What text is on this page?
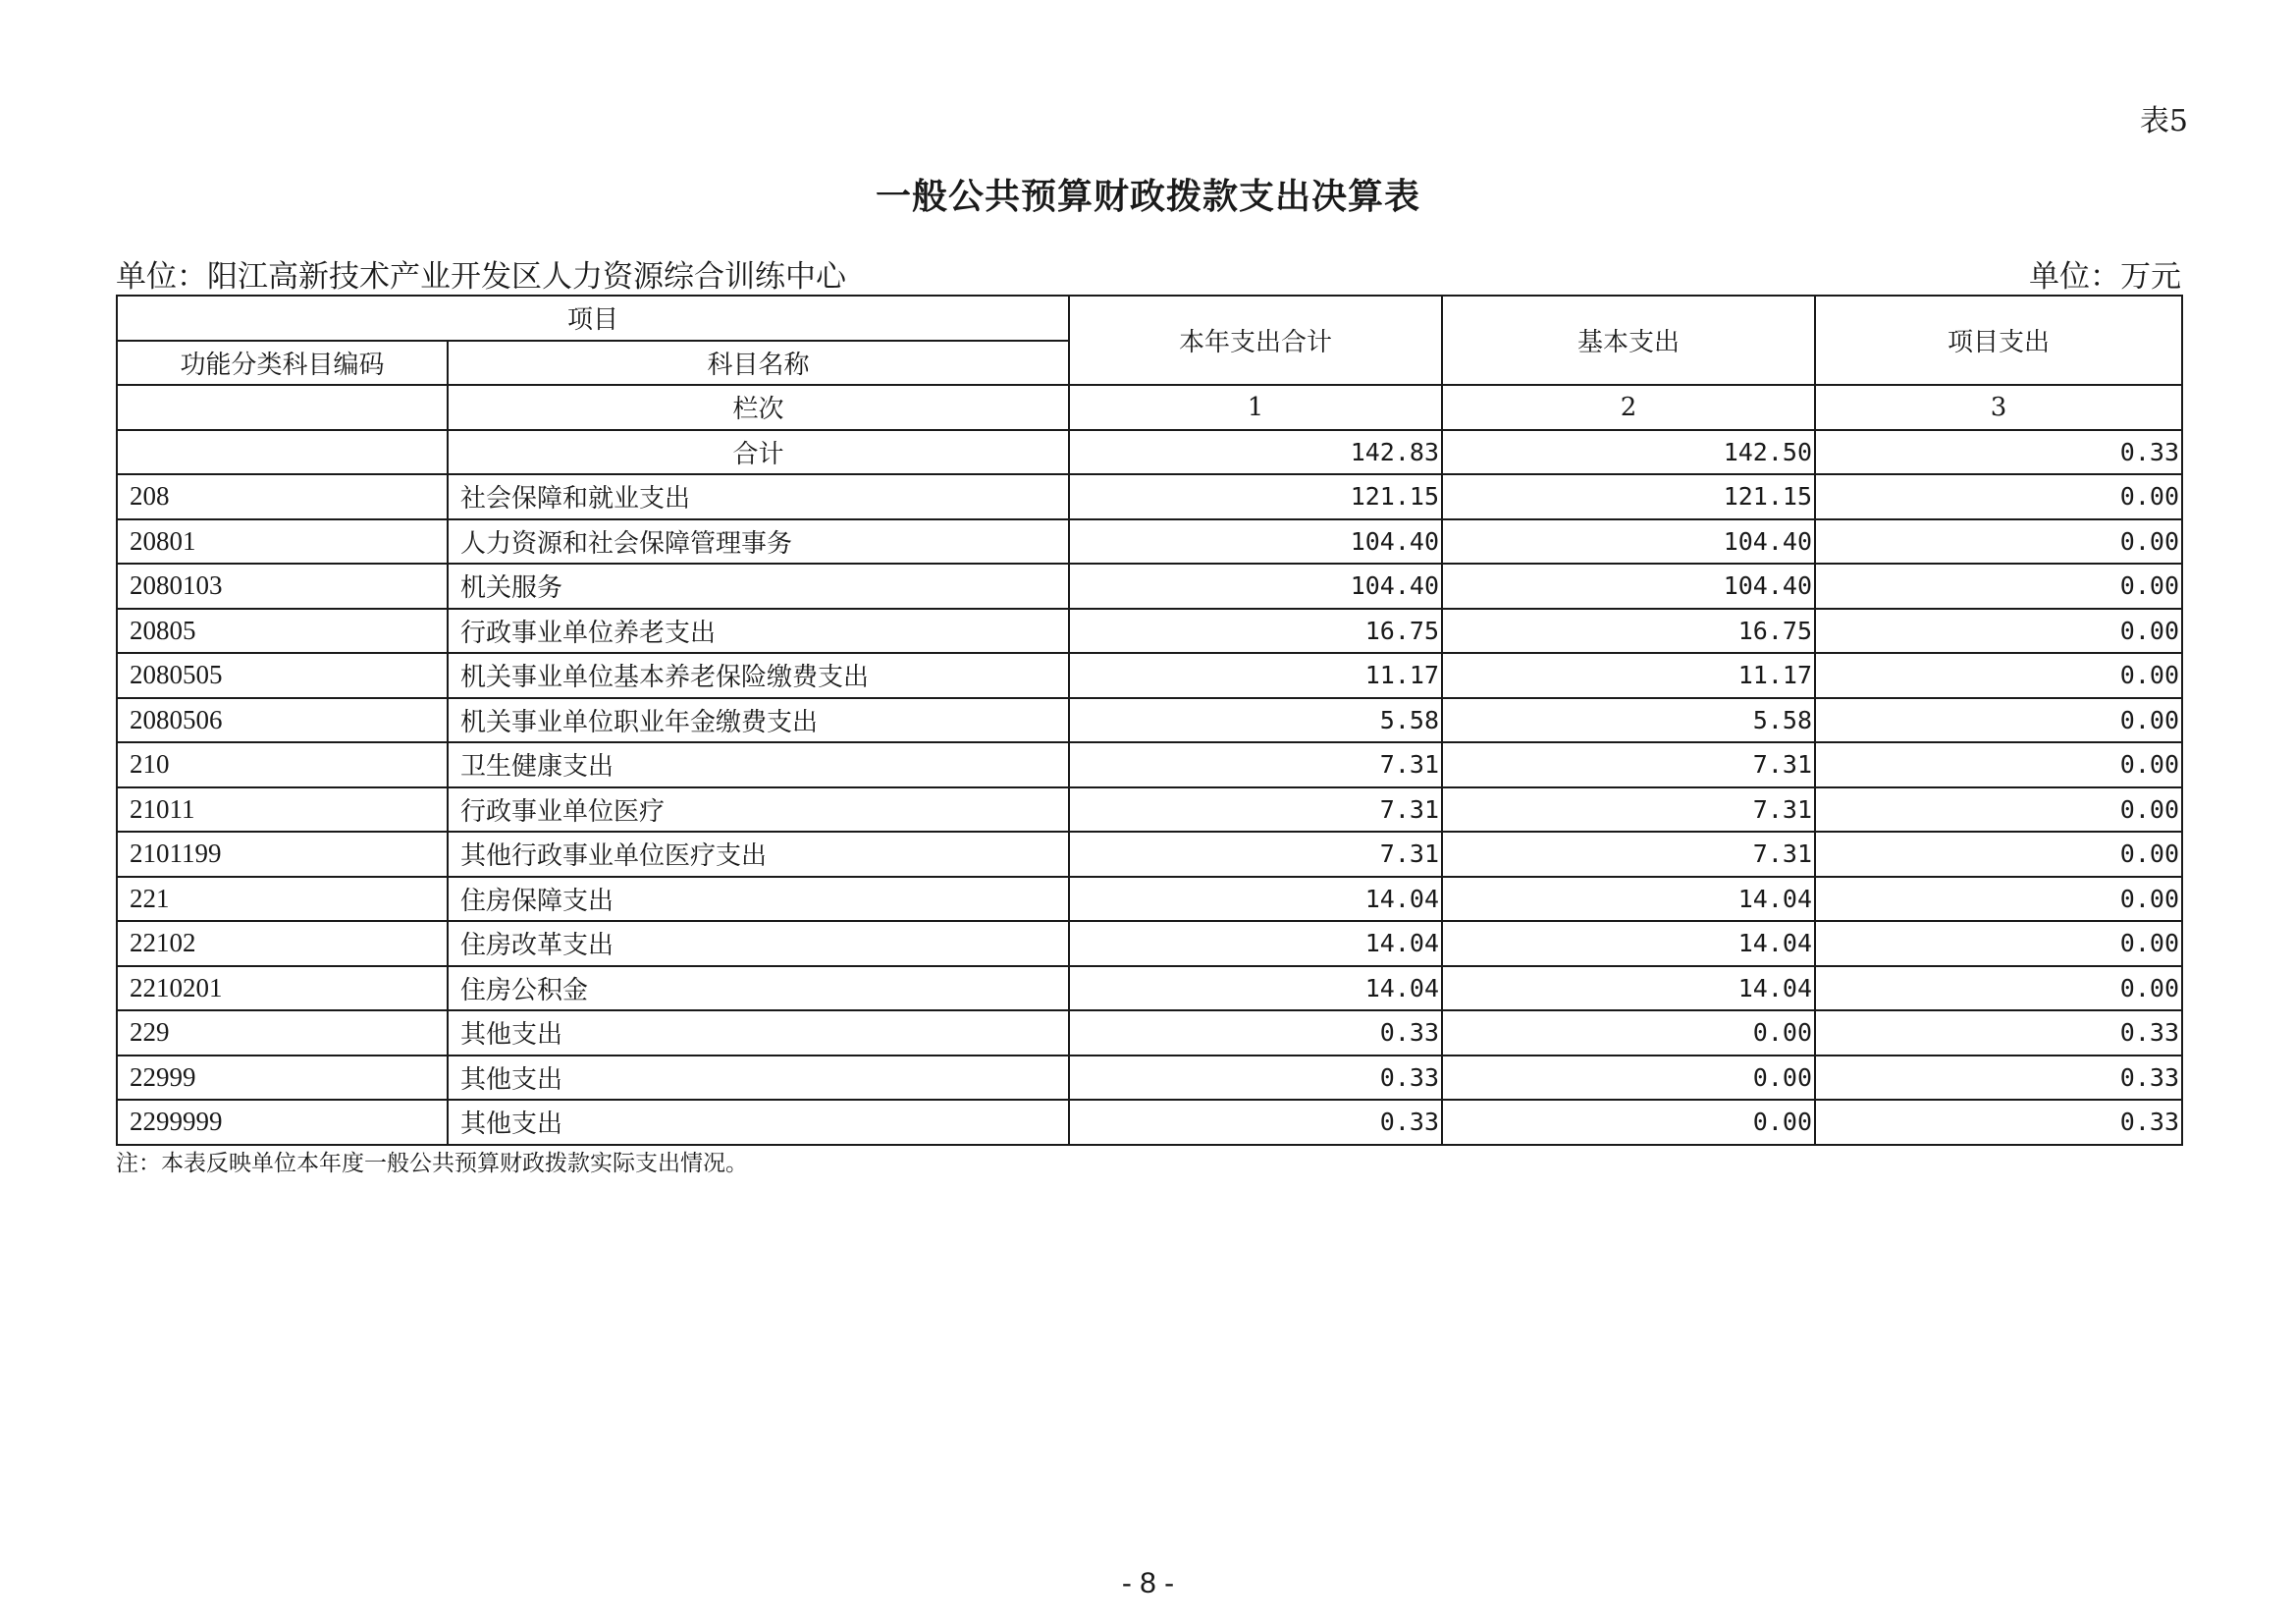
表5
一般公共预算财政拨款支出决算表
单位：阳江高新技术产业开发区人力资源综合训练中心	单位：万元
项目		本年支出合计	基本支出	项目支出
功能分类科目编码	科目名称			
	栏次	1	2	3
	合计	142.83	142.50	0.33
208	社会保障和就业支出	121.15	121.15	0.00
20801	人力资源和社会保障管理事务	104.40	104.40	0.00
2080103	机关服务	104.40	104.40	0.00
20805	行政事业单位养老支出	16.75	16.75	0.00
2080505	机关事业单位基本养老保险缴费支出	11.17	11.17	0.00
2080506	机关事业单位职业年金缴费支出	5.58	5.58	0.00
210	卫生健康支出	7.31	7.31	0.00
21011	行政事业单位医疗	7.31	7.31	0.00
2101199	其他行政事业单位医疗支出	7.31	7.31	0.00
221	住房保障支出	14.04	14.04	0.00
22102	住房改革支出	14.04	14.04	0.00
2210201	住房公积金	14.04	14.04	0.00
229	其他支出	0.33	0.00	0.33
22999	其他支出	0.33	0.00	0.33
2299999	其他支出	0.33	0.00	0.33
注：本表反映单位本年度一般公共预算财政拨款实际支出情况。
- 8 -
